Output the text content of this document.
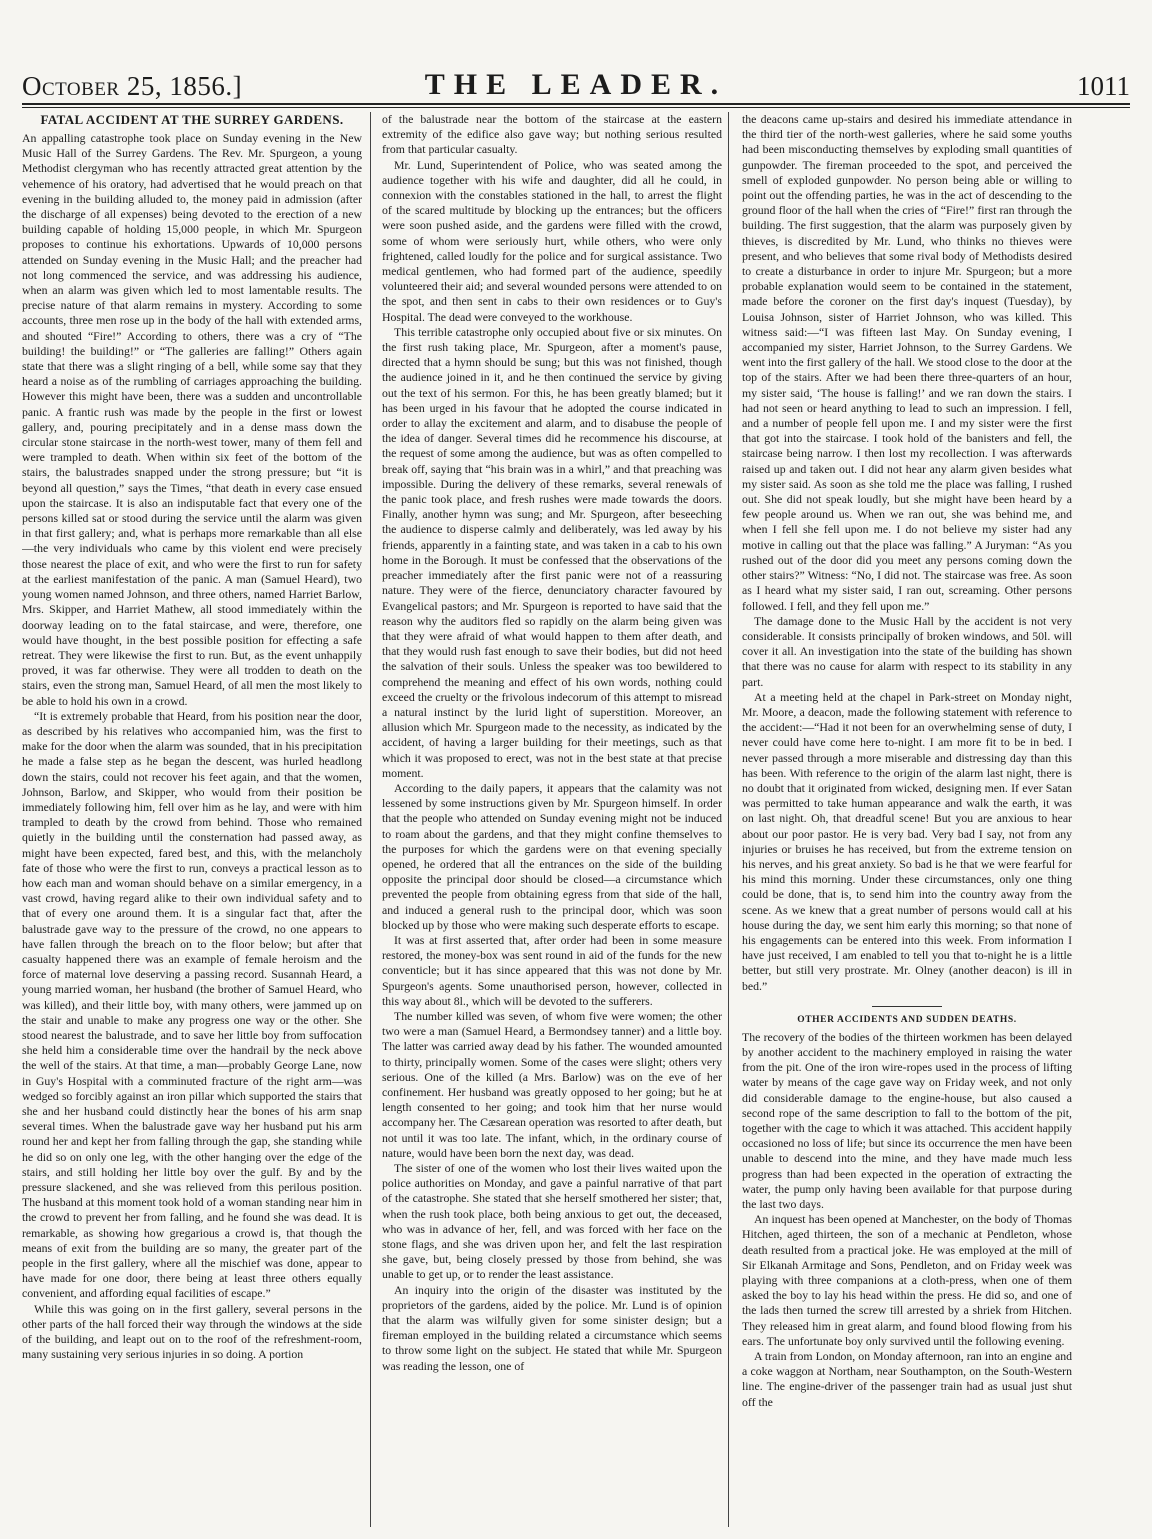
October 25, 1856.]	THE LEADER.	1011
FATAL ACCIDENT AT THE SURREY GARDENS.

An appalling catastrophe took place on Sunday evening in the New Music Hall of the Surrey Gardens. The Rev. Mr. Spurgeon, a young Methodist clergyman who has recently attracted great attention by the vehemence of his oratory, had advertised that he would preach on that evening in the building alluded to, the money paid in admission (after the discharge of all expenses) being devoted to the erection of a new building capable of holding 15,000 people, in which Mr. Spurgeon proposes to continue his exhortations. Upwards of 10,000 persons attended on Sunday evening in the Music Hall; and the preacher had not long commenced the service, and was addressing his audience, when an alarm was given which led to most lamentable results. The precise nature of that alarm remains in mystery. According to some accounts, three men rose up in the body of the hall with extended arms, and shouted “Fire!” According to others, there was a cry of “The building! the building!” or “The galleries are falling!” Others again state that there was a slight ringing of a bell, while some say that they heard a noise as of the rumbling of carriages approaching the building. However this might have been, there was a sudden and uncontrollable panic. A frantic rush was made by the people in the first or lowest gallery, and, pouring precipitately and in a dense mass down the circular stone staircase in the north-west tower, many of them fell and were trampled to death. When within six feet of the bottom of the stairs, the balustrades snapped under the strong pressure; but “it is beyond all question,” says the Times, “that death in every case ensued upon the staircase. It is also an indisputable fact that every one of the persons killed sat or stood during the service until the alarm was given in that first gallery; and, what is perhaps more remarkable than all else—the very individuals who came by this violent end were precisely those nearest the place of exit, and who were the first to run for safety at the earliest manifestation of the panic. A man (Samuel Heard), two young women named Johnson, and three others, named Harriet Barlow, Mrs. Skipper, and Harriet Mathew, all stood immediately within the doorway leading on to the fatal staircase, and were, therefore, one would have thought, in the best possible position for effecting a safe retreat. They were likewise the first to run. But, as the event unhappily proved, it was far otherwise. They were all trodden to death on the stairs, even the strong man, Samuel Heard, of all men the most likely to be able to hold his own in a crowd.

“It is extremely probable that Heard, from his position near the door, as described by his relatives who accompanied him, was the first to make for the door when the alarm was sounded, that in his precipitation he made a false step as he began the descent, was hurled headlong down the stairs, could not recover his feet again, and that the women, Johnson, Barlow, and Skipper, who would from their position be immediately following him, fell over him as he lay, and were with him trampled to death by the crowd from behind. Those who remained quietly in the building until the consternation had passed away, as might have been expected, fared best, and this, with the melancholy fate of those who were the first to run, conveys a practical lesson as to how each man and woman should behave on a similar emergency, in a vast crowd, having regard alike to their own individual safety and to that of every one around them. It is a singular fact that, after the balustrade gave way to the pressure of the crowd, no one appears to have fallen through the breach on to the floor below; but after that casualty happened there was an example of female heroism and the force of maternal love deserving a passing record. Susannah Heard, a young married woman, her husband (the brother of Samuel Heard, who was killed), and their little boy, with many others, were jammed up on the stair and unable to make any progress one way or the other. She stood nearest the balustrade, and to save her little boy from suffocation she held him a considerable time over the handrail by the neck above the well of the stairs. At that time, a man—probably George Lane, now in Guy's Hospital with a comminuted fracture of the right arm—was wedged so forcibly against an iron pillar which supported the stairs that she and her husband could distinctly hear the bones of his arm snap several times. When the balustrade gave way her husband put his arm round her and kept her from falling through the gap, she standing while he did so on only one leg, with the other hanging over the edge of the stairs, and still holding her little boy over the gulf. By and by the pressure slackened, and she was relieved from this perilous position. The husband at this moment took hold of a woman standing near him in the crowd to prevent her from falling, and he found she was dead. It is remarkable, as showing how gregarious a crowd is, that though the means of exit from the building are so many, the greater part of the people in the first gallery, where all the mischief was done, appear to have made for one door, there being at least three others equally convenient, and affording equal facilities of escape.”

While this was going on in the first gallery, several persons in the other parts of the hall forced their way through the windows at the side of the building, and leapt out on to the roof of the refreshment-room, many sustaining very serious injuries in so doing. A portion

of the balustrade near the bottom of the staircase at the eastern extremity of the edifice also gave way; but nothing serious resulted from that particular casualty.

Mr. Lund, Superintendent of Police, who was seated among the audience together with his wife and daughter, did all he could, in connexion with the constables stationed in the hall, to arrest the flight of the scared multitude by blocking up the entrances; but the officers were soon pushed aside, and the gardens were filled with the crowd, some of whom were seriously hurt, while others, who were only frightened, called loudly for the police and for surgical assistance. Two medical gentlemen, who had formed part of the audience, speedily volunteered their aid; and several wounded persons were attended to on the spot, and then sent in cabs to their own residences or to Guy's Hospital. The dead were conveyed to the workhouse.

This terrible catastrophe only occupied about five or six minutes. On the first rush taking place, Mr. Spurgeon, after a moment's pause, directed that a hymn should be sung; but this was not finished, though the audience joined in it, and he then continued the service by giving out the text of his sermon. For this, he has been greatly blamed; but it has been urged in his favour that he adopted the course indicated in order to allay the excitement and alarm, and to disabuse the people of the idea of danger. Several times did he recommence his discourse, at the request of some among the audience, but was as often compelled to break off, saying that “his brain was in a whirl,” and that preaching was impossible. During the delivery of these remarks, several renewals of the panic took place, and fresh rushes were made towards the doors. Finally, another hymn was sung; and Mr. Spurgeon, after beseeching the audience to disperse calmly and deliberately, was led away by his friends, apparently in a fainting state, and was taken in a cab to his own home in the Borough. It must be confessed that the observations of the preacher immediately after the first panic were not of a reassuring nature. They were of the fierce, denunciatory character favoured by Evangelical pastors; and Mr. Spurgeon is reported to have said that the reason why the auditors fled so rapidly on the alarm being given was that they were afraid of what would happen to them after death, and that they would rush fast enough to save their bodies, but did not heed the salvation of their souls. Unless the speaker was too bewildered to comprehend the meaning and effect of his own words, nothing could exceed the cruelty or the frivolous indecorum of this attempt to misread a natural instinct by the lurid light of superstition. Moreover, an allusion which Mr. Spurgeon made to the necessity, as indicated by the accident, of having a larger building for their meetings, such as that which it was proposed to erect, was not in the best state at that precise moment.

According to the daily papers, it appears that the calamity was not lessened by some instructions given by Mr. Spurgeon himself. In order that the people who attended on Sunday evening might not be induced to roam about the gardens, and that they might confine themselves to the purposes for which the gardens were on that evening specially opened, he ordered that all the entrances on the side of the building opposite the principal door should be closed—a circumstance which prevented the people from obtaining egress from that side of the hall, and induced a general rush to the principal door, which was soon blocked up by those who were making such desperate efforts to escape.

It was at first asserted that, after order had been in some measure restored, the money-box was sent round in aid of the funds for the new conventicle; but it has since appeared that this was not done by Mr. Spurgeon's agents. Some unauthorised person, however, collected in this way about 8l., which will be devoted to the sufferers.

The number killed was seven, of whom five were women; the other two were a man (Samuel Heard, a Bermondsey tanner) and a little boy. The latter was carried away dead by his father. The wounded amounted to thirty, principally women. Some of the cases were slight; others very serious. One of the killed (a Mrs. Barlow) was on the eve of her confinement. Her husband was greatly opposed to her going; but he at length consented to her going; and took him that her nurse would accompany her. The Cæsarean operation was resorted to after death, but not until it was too late. The infant, which, in the ordinary course of nature, would have been born the next day, was dead.

The sister of one of the women who lost their lives waited upon the police authorities on Monday, and gave a painful narrative of that part of the catastrophe. She stated that she herself smothered her sister; that, when the rush took place, both being anxious to get out, the deceased, who was in advance of her, fell, and was forced with her face on the stone flags, and she was driven upon her, and felt the last respiration she gave, but, being closely pressed by those from behind, she was unable to get up, or to render the least assistance.

An inquiry into the origin of the disaster was instituted by the proprietors of the gardens, aided by the police. Mr. Lund is of opinion that the alarm was wilfully given for some sinister design; but a fireman employed in the building related a circumstance which seems to throw some light on the subject. He stated that while Mr. Spurgeon was reading the lesson, one of

the deacons came up-stairs and desired his immediate attendance in the third tier of the north-west galleries, where he said some youths had been misconducting themselves by exploding small quantities of gunpowder. The fireman proceeded to the spot, and perceived the smell of exploded gunpowder. No person being able or willing to point out the offending parties, he was in the act of descending to the ground floor of the hall when the cries of “Fire!” first ran through the building. The first suggestion, that the alarm was purposely given by thieves, is discredited by Mr. Lund, who thinks no thieves were present, and who believes that some rival body of Methodists desired to create a disturbance in order to injure Mr. Spurgeon; but a more probable explanation would seem to be contained in the statement, made before the coroner on the first day's inquest (Tuesday), by Louisa Johnson, sister of Harriet Johnson, who was killed. This witness said:—“I was fifteen last May. On Sunday evening, I accompanied my sister, Harriet Johnson, to the Surrey Gardens. We went into the first gallery of the hall. We stood close to the door at the top of the stairs. After we had been there three-quarters of an hour, my sister said, ‘The house is falling!’ and we ran down the stairs. I had not seen or heard anything to lead to such an impression. I fell, and a number of people fell upon me. I and my sister were the first that got into the staircase. I took hold of the banisters and fell, the staircase being narrow. I then lost my recollection. I was afterwards raised up and taken out. I did not hear any alarm given besides what my sister said. As soon as she told me the place was falling, I rushed out. She did not speak loudly, but she might have been heard by a few people around us. When we ran out, she was behind me, and when I fell she fell upon me. I do not believe my sister had any motive in calling out that the place was falling.” A Juryman: “As you rushed out of the door did you meet any persons coming down the other stairs?” Witness: “No, I did not. The staircase was free. As soon as I heard what my sister said, I ran out, screaming. Other persons followed. I fell, and they fell upon me.”

The damage done to the Music Hall by the accident is not very considerable. It consists principally of broken windows, and 50l. will cover it all. An investigation into the state of the building has shown that there was no cause for alarm with respect to its stability in any part.

At a meeting held at the chapel in Park-street on Monday night, Mr. Moore, a deacon, made the following statement with reference to the accident:—“Had it not been for an overwhelming sense of duty, I never could have come here to-night. I am more fit to be in bed. I never passed through a more miserable and distressing day than this has been. With reference to the origin of the alarm last night, there is no doubt that it originated from wicked, designing men. If ever Satan was permitted to take human appearance and walk the earth, it was on last night. Oh, that dreadful scene! But you are anxious to hear about our poor pastor. He is very bad. Very bad I say, not from any injuries or bruises he has received, but from the extreme tension on his nerves, and his great anxiety. So bad is he that we were fearful for his mind this morning. Under these circumstances, only one thing could be done, that is, to send him into the country away from the scene. As we knew that a great number of persons would call at his house during the day, we sent him early this morning; so that none of his engagements can be entered into this week. From information I have just received, I am enabled to tell you that to-night he is a little better, but still very prostrate. Mr. Olney (another deacon) is ill in bed.”

OTHER ACCIDENTS AND SUDDEN DEATHS.

The recovery of the bodies of the thirteen workmen has been delayed by another accident to the machinery employed in raising the water from the pit. One of the iron wire-ropes used in the process of lifting water by means of the cage gave way on Friday week, and not only did considerable damage to the engine-house, but also caused a second rope of the same description to fall to the bottom of the pit, together with the cage to which it was attached. This accident happily occasioned no loss of life; but since its occurrence the men have been unable to descend into the mine, and they have made much less progress than had been expected in the operation of extracting the water, the pump only having been available for that purpose during the last two days.

An inquest has been opened at Manchester, on the body of Thomas Hitchen, aged thirteen, the son of a mechanic at Pendleton, whose death resulted from a practical joke. He was employed at the mill of Sir Elkanah Armitage and Sons, Pendleton, and on Friday week was playing with three companions at a cloth-press, when one of them asked the boy to lay his head within the press. He did so, and one of the lads then turned the screw till arrested by a shriek from Hitchen. They released him in great alarm, and found blood flowing from his ears. The unfortunate boy only survived until the following evening.

A train from London, on Monday afternoon, ran into an engine and a coke waggon at Northam, near Southampton, on the South-Western line. The engine-driver of the passenger train had as usual just shut off the
